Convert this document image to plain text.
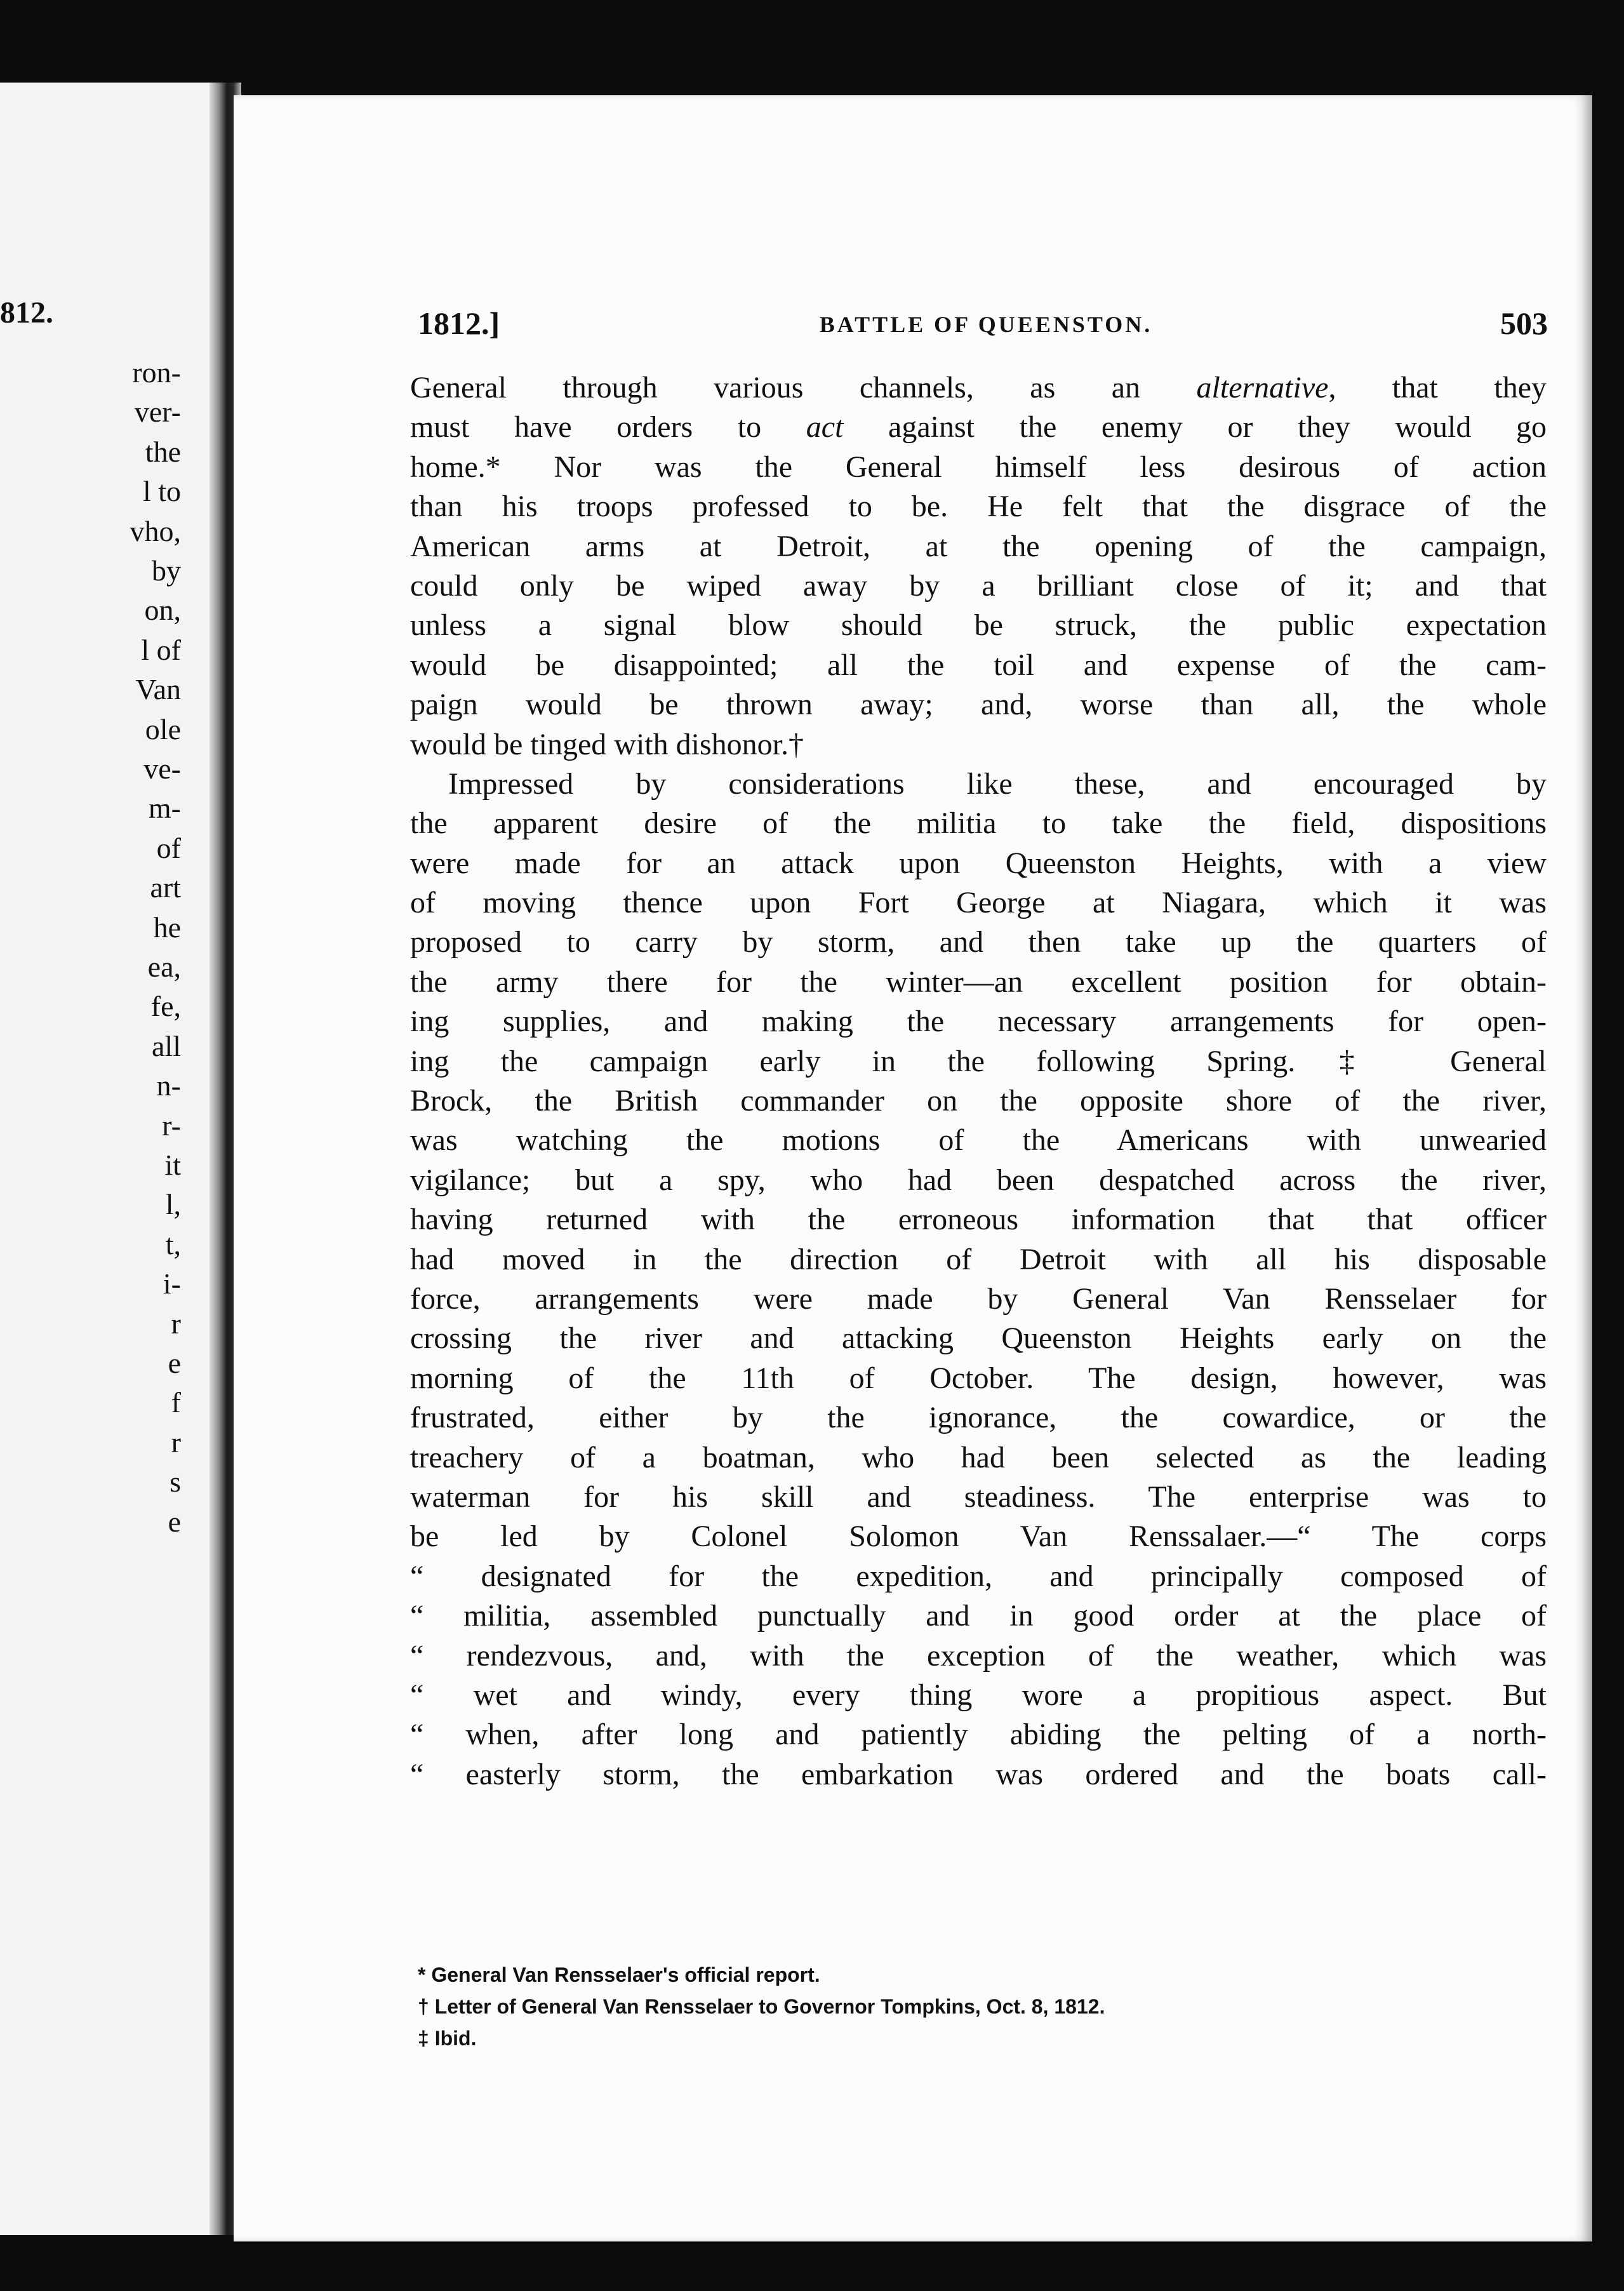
812.
ron-
ver-
the
l to
vho,
by
on,
l of
Van
ole
ve-
m-
of
art
he
ea,
fe,
all
n-
r-
it
l,
t,
i-
r
e
f
r
s
e
1812.]	BATTLE OF QUEENSTON.	503
General through various channels, as an alternative, that they
must have orders to act against the enemy or they would go
home.* Nor was the General himself less desirous of action
than his troops professed to be. He felt that the disgrace of the
American arms at Detroit, at the opening of the campaign,
could only be wiped away by a brilliant close of it; and that
unless a signal blow should be struck, the public expectation
would be disappointed; all the toil and expense of the cam-
paign would be thrown away; and, worse than all, the whole
would be tinged with dishonor.†
Impressed by considerations like these, and encouraged by
the apparent desire of the militia to take the field, dispositions
were made for an attack upon Queenston Heights, with a view
of moving thence upon Fort George at Niagara, which it was
proposed to carry by storm, and then take up the quarters of
the army there for the winter—an excellent position for obtain-
ing supplies, and making the necessary arrangements for open-
ing the campaign early in the following Spring.‡ General
Brock, the British commander on the opposite shore of the river,
was watching the motions of the Americans with unwearied
vigilance; but a spy, who had been despatched across the river,
having returned with the erroneous information that that officer
had moved in the direction of Detroit with all his disposable
force, arrangements were made by General Van Rensselaer for
crossing the river and attacking Queenston Heights early on the
morning of the 11th of October. The design, however, was
frustrated, either by the ignorance, the cowardice, or the
treachery of a boatman, who had been selected as the leading
waterman for his skill and steadiness. The enterprise was to
be led by Colonel Solomon Van Renssalaer.—“ The corps
“ designated for the expedition, and principally composed of
“ militia, assembled punctually and in good order at the place of
“ rendezvous, and, with the exception of the weather, which was
“ wet and windy, every thing wore a propitious aspect. But
“ when, after long and patiently abiding the pelting of a north-
“ easterly storm, the embarkation was ordered and the boats call-
* General Van Rensselaer's official report.
† Letter of General Van Rensselaer to Governor Tompkins, Oct. 8, 1812.
‡ Ibid.
